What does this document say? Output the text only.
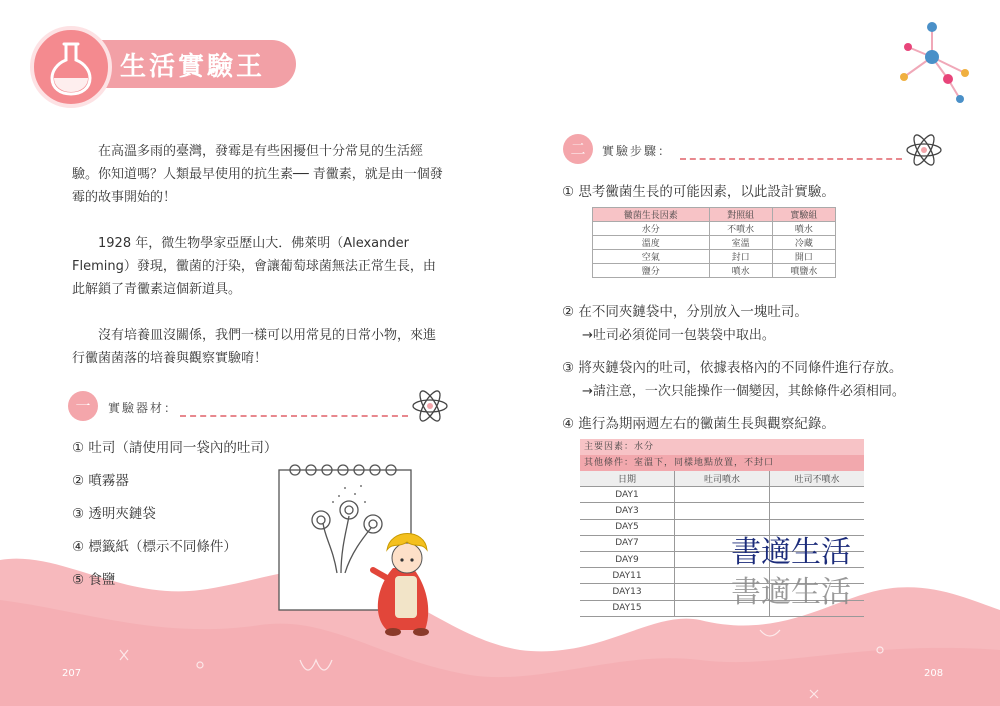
生活實驗王

在高溫多雨的臺灣，發霉是有些困擾但十分常見的生活經驗。你知道嗎？人類最早使用的抗生素── 青黴素，就是由一個發霉的故事開始的！

1928 年，微生物學家亞歷山大．佛萊明（Alexander Fleming）發現，黴菌的汙染，會讓葡萄球菌無法正常生長，由此解鎖了青黴素這個新道具。

沒有培養皿沒關係，我們一樣可以用常見的日常小物，來進行黴菌菌落的培養與觀察實驗唷！

一	實驗器材：
① 吐司（請使用同一袋內的吐司）
② 噴霧器
③ 透明夾鏈袋
④ 標籤紙（標示不同條件）
⑤ 食鹽
二	實驗步驟：
① 思考黴菌生長的可能因素，以此設計實驗。
黴菌生長因素	對照組	實驗組
水分	不噴水	噴水
溫度	室溫	冷藏
空氣	封口	開口
鹽分	噴水	噴鹽水
② 在不同夾鏈袋中，分別放入一塊吐司。
→吐司必須從同一包裝袋中取出。
③ 將夾鏈袋內的吐司，依據表格內的不同條件進行存放。
→請注意，一次只能操作一個變因，其餘條件必須相同。
④ 進行為期兩週左右的黴菌生長與觀察紀錄。
主要因素：水分
其他條件：室溫下，同樣地點放置，不封口
日期	吐司噴水	吐司不噴水
DAY1		
DAY3		
DAY5		
DAY7		
DAY9		
DAY11		
DAY13		
DAY15		
書適生活
書適生活
207	208
